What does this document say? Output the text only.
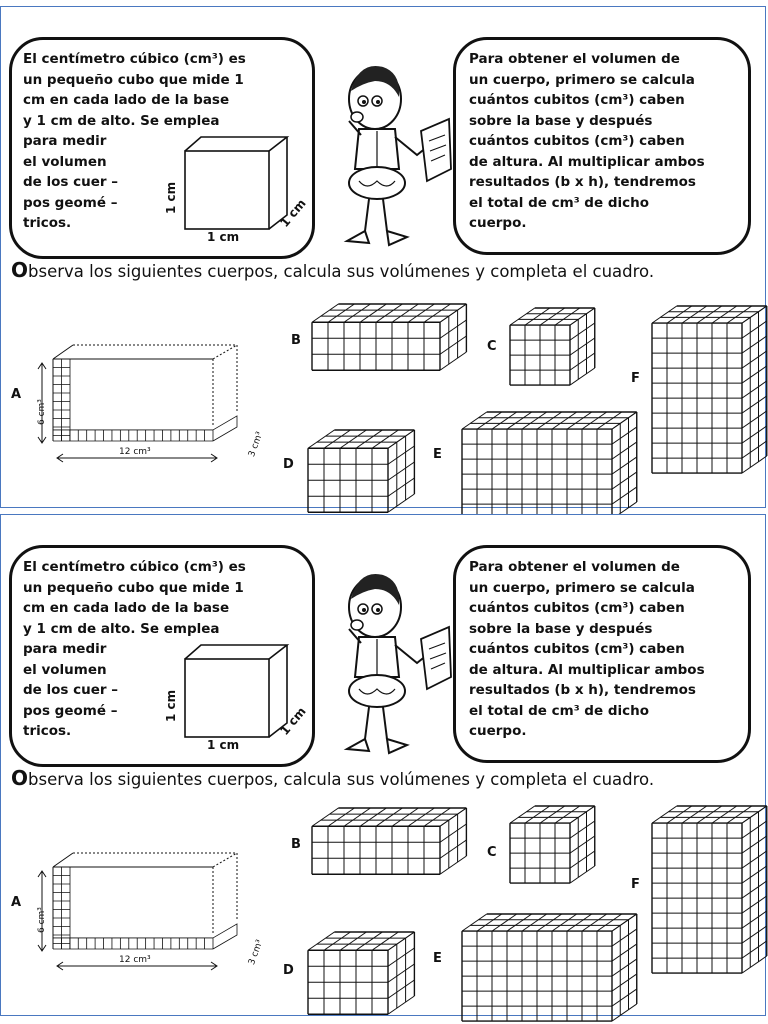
El centímetro cúbico (cm³) es
un pequeño cubo que mide 1
cm en cada lado de la base
y 1 cm de alto. Se emplea
para medir
el volumen
de los cuer –
pos geomé –
tricos.
1 cm
1 cm
1 cm
Para obtener el volumen de
un cuerpo, primero se calcula
cuántos cubitos (cm³) caben
sobre la base y después
cuántos cubitos (cm³) caben
de altura. Al multiplicar ambos
resultados (b x h), tendremos
el total de cm³ de dicho
cuerpo.
Observa los siguientes cuerpos, calcula sus volúmenes y completa el cuadro.
A
6 cm³
12 cm³	3 cm³
B	C
F
D
E
El centímetro cúbico (cm³) es
un pequeño cubo que mide 1
cm en cada lado de la base
y 1 cm de alto. Se emplea
para medir
el volumen
de los cuer –
pos geomé –
tricos.
1 cm
1 cm
1 cm
Para obtener el volumen de
un cuerpo, primero se calcula
cuántos cubitos (cm³) caben
sobre la base y después
cuántos cubitos (cm³) caben
de altura. Al multiplicar ambos
resultados (b x h), tendremos
el total de cm³ de dicho
cuerpo.
Observa los siguientes cuerpos, calcula sus volúmenes y completa el cuadro.
A
6 cm³
12 cm³	3 cm³
B
C
F
D
E
